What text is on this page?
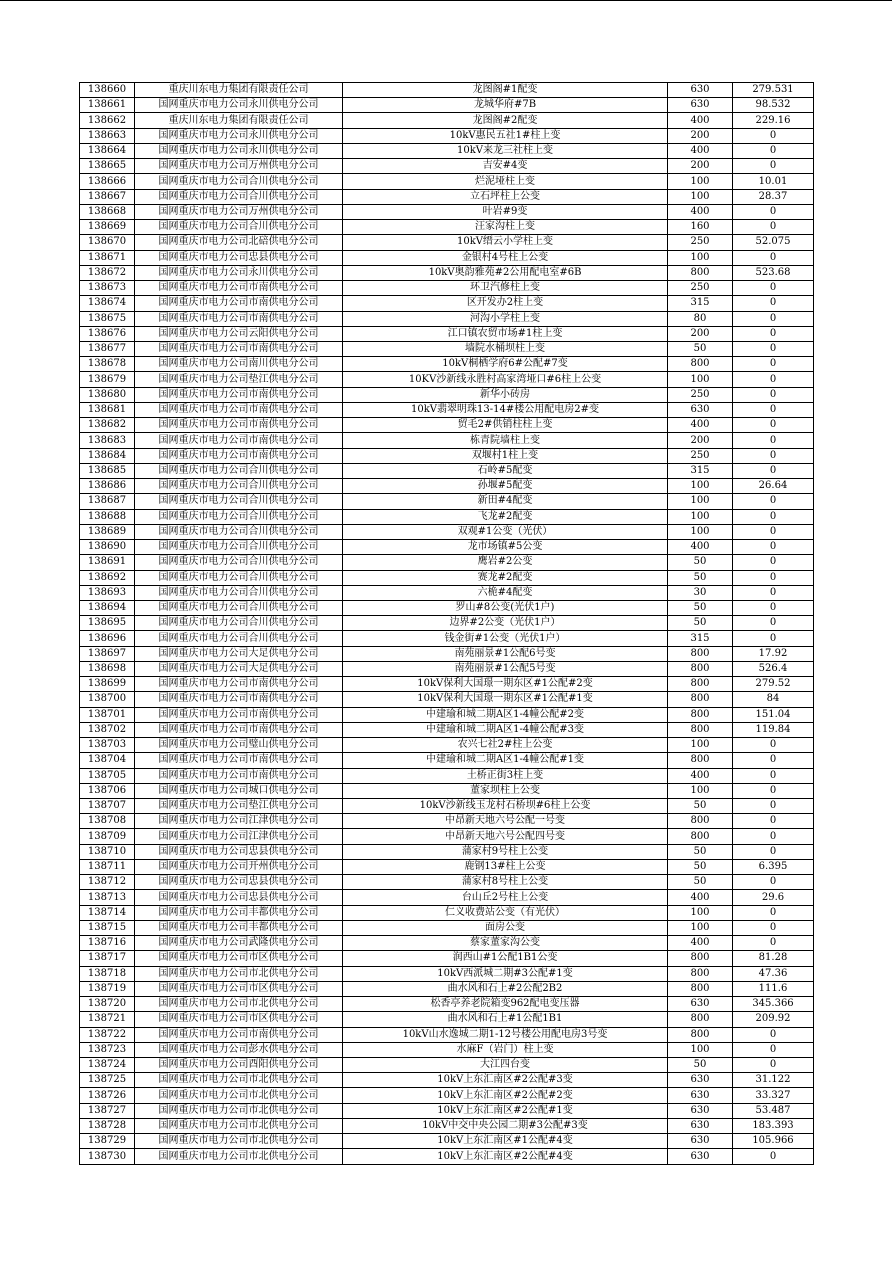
138660	重庆川东电力集团有限责任公司	龙图阁#1配变	630	279.531
138661	国网重庆市电力公司永川供电分公司	龙城华府#7B	630	98.532
138662	重庆川东电力集团有限责任公司	龙图阁#2配变	400	229.16
138663	国网重庆市电力公司永川供电分公司	10kV惠民五社1#柱上变	200	0
138664	国网重庆市电力公司永川供电分公司	10kV来龙三社柱上变	400	0
138665	国网重庆市电力公司万州供电分公司	吉安#4变	200	0
138666	国网重庆市电力公司合川供电分公司	烂泥垭柱上变	100	10.01
138667	国网重庆市电力公司合川供电分公司	立石坪柱上公变	100	28.37
138668	国网重庆市电力公司万州供电分公司	叶岩#9变	400	0
138669	国网重庆市电力公司合川供电分公司	汪家沟柱上变	160	0
138670	国网重庆市电力公司北碚供电分公司	10kV缙云小学柱上变	250	52.075
138671	国网重庆市电力公司忠县供电分公司	金银村4号柱上公变	100	0
138672	国网重庆市电力公司永川供电分公司	10kV奥韵雅苑#2公用配电室#6B	800	523.68
138673	国网重庆市电力公司市南供电分公司	环卫汽修柱上变	250	0
138674	国网重庆市电力公司市南供电分公司	区开发办2柱上变	315	0
138675	国网重庆市电力公司市南供电分公司	河沟小学柱上变	80	0
138676	国网重庆市电力公司云阳供电分公司	江口镇农贸市场#1柱上变	200	0
138677	国网重庆市电力公司市南供电分公司	墙院水桶坝柱上变	50	0
138678	国网重庆市电力公司南川供电分公司	10kV桐栖学府6#公配#7变	800	0
138679	国网重庆市电力公司垫江供电分公司	10KV沙新线永胜村高家湾垭口#6柱上公变	100	0
138680	国网重庆市电力公司市南供电分公司	新华小砖房	250	0
138681	国网重庆市电力公司市南供电分公司	10kV翡翠明珠13-14#楼公用配电房2#变	630	0
138682	国网重庆市电力公司市南供电分公司	贸毛2#供销柱柱上变	400	0
138683	国网重庆市电力公司市南供电分公司	栋青院墙柱上变	200	0
138684	国网重庆市电力公司市南供电分公司	双堰村1柱上变	250	0
138685	国网重庆市电力公司合川供电分公司	石岭#5配变	315	0
138686	国网重庆市电力公司合川供电分公司	孙堰#5配变	100	26.64
138687	国网重庆市电力公司合川供电分公司	新田#4配变	100	0
138688	国网重庆市电力公司合川供电分公司	飞龙#2配变	100	0
138689	国网重庆市电力公司合川供电分公司	双观#1公变（光伏）	100	0
138690	国网重庆市电力公司合川供电分公司	龙市场镇#5公变	400	0
138691	国网重庆市电力公司合川供电分公司	鹰岩#2公变	50	0
138692	国网重庆市电力公司合川供电分公司	赛龙#2配变	50	0
138693	国网重庆市电力公司合川供电分公司	六桅#4配变	30	0
138694	国网重庆市电力公司合川供电分公司	罗山#8公变(光伏1户)	50	0
138695	国网重庆市电力公司合川供电分公司	边界#2公变（光伏1户）	50	0
138696	国网重庆市电力公司合川供电分公司	钱金街#1公变（光伏1户）	315	0
138697	国网重庆市电力公司大足供电分公司	南苑丽景#1公配6号变	800	17.92
138698	国网重庆市电力公司大足供电分公司	南苑丽景#1公配5号变	800	526.4
138699	国网重庆市电力公司市南供电分公司	10kV保利大国璟一期东区#1公配#2变	800	279.52
138700	国网重庆市电力公司市南供电分公司	10kV保利大国璟一期东区#1公配#1变	800	84
138701	国网重庆市电力公司市南供电分公司	中建瑜和城二期A区1-4幢公配#2变	800	151.04
138702	国网重庆市电力公司市南供电分公司	中建瑜和城二期A区1-4幢公配#3变	800	119.84
138703	国网重庆市电力公司璧山供电分公司	农兴七社2#柱上公变	100	0
138704	国网重庆市电力公司市南供电分公司	中建瑜和城二期A区1-4幢公配#1变	800	0
138705	国网重庆市电力公司市南供电分公司	土桥正街3柱上变	400	0
138706	国网重庆市电力公司城口供电分公司	董家坝柱上公变	100	0
138707	国网重庆市电力公司垫江供电分公司	10kV沙新线玉龙村石桥坝#6柱上公变	50	0
138708	国网重庆市电力公司江津供电分公司	中昂新天地六号公配一号变	800	0
138709	国网重庆市电力公司江津供电分公司	中昂新天地六号公配四号变	800	0
138710	国网重庆市电力公司忠县供电分公司	蒲家村9号柱上公变	50	0
138711	国网重庆市电力公司开州供电分公司	鹿钢13#柱上公变	50	6.395
138712	国网重庆市电力公司忠县供电分公司	蒲家村8号柱上公变	50	0
138713	国网重庆市电力公司忠县供电分公司	台山丘2号柱上公变	400	29.6
138714	国网重庆市电力公司丰都供电分公司	仁义收费站公变（有光伏）	100	0
138715	国网重庆市电力公司丰都供电分公司	面房公变	100	0
138716	国网重庆市电力公司武隆供电分公司	蔡家董家沟公变	400	0
138717	国网重庆市电力公司市区供电分公司	润西山#1公配1B1公变	800	81.28
138718	国网重庆市电力公司市北供电分公司	10kV西派城二期#3公配#1变	800	47.36
138719	国网重庆市电力公司市区供电分公司	曲水风和石上#2公配2B2	800	111.6
138720	国网重庆市电力公司市北供电分公司	松香亭养老院箱变962配电变压器	630	345.366
138721	国网重庆市电力公司市区供电分公司	曲水风和石上#1公配1B1	800	209.92
138722	国网重庆市电力公司市南供电分公司	10kV山水逸城二期1-12号楼公用配电房3号变	800	0
138723	国网重庆市电力公司彭水供电分公司	水麻F（岩门）柱上变	100	0
138724	国网重庆市电力公司酉阳供电分公司	大江四台变	50	0
138725	国网重庆市电力公司市北供电分公司	10kV上东汇南区#2公配#3变	630	31.122
138726	国网重庆市电力公司市北供电分公司	10kV上东汇南区#2公配#2变	630	33.327
138727	国网重庆市电力公司市北供电分公司	10kV上东汇南区#2公配#1变	630	53.487
138728	国网重庆市电力公司市北供电分公司	10kV中交中央公园二期#3公配#3变	630	183.393
138729	国网重庆市电力公司市北供电分公司	10kV上东汇南区#1公配#4变	630	105.966
138730	国网重庆市电力公司市北供电分公司	10kV上东汇南区#2公配#4变	630	0
